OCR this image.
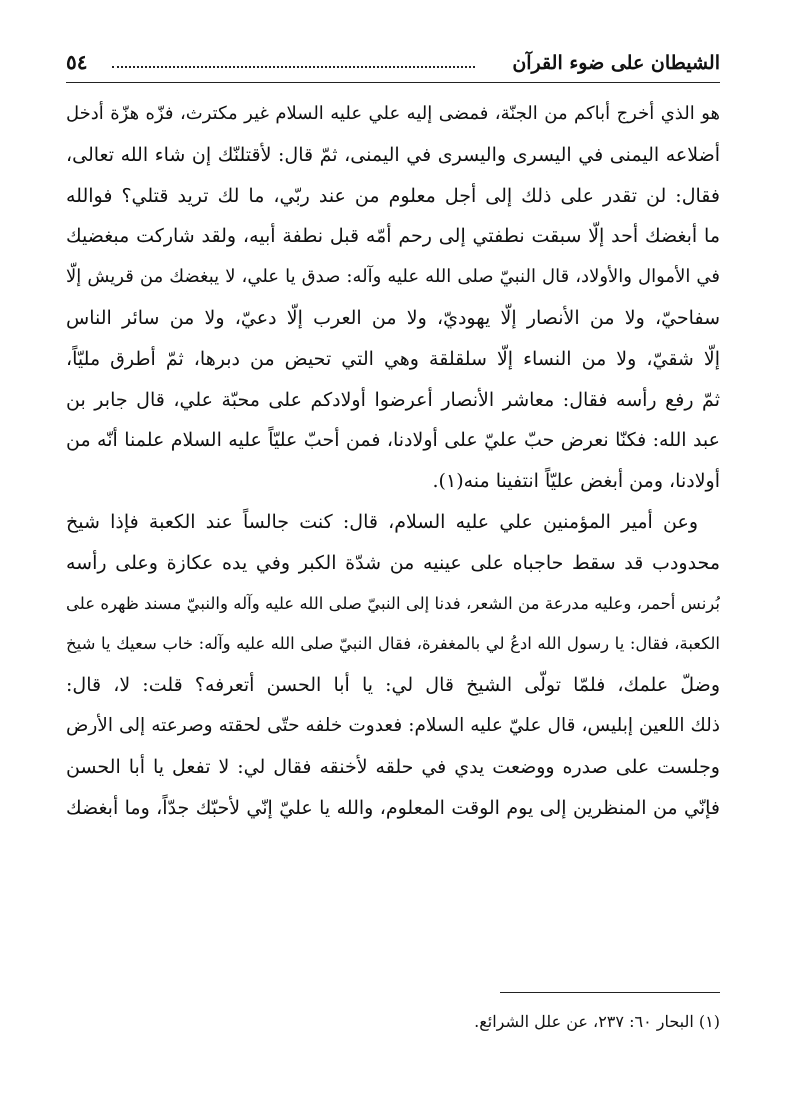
الشيطان على ضوء القرآن
٥٤
هو الذي أخرج أباكم من الجنّة، فمضى إليه علي عليه السلام غير مكترث، فزّه هزّة أدخل
أضلاعه اليمنى في اليسرى واليسرى في اليمنى، ثمّ قال: لأقتلنّك إن شاء الله تعالى،
فقال: لن تقدر على ذلك إلى أجل معلوم من عند ربّي، ما لك تريد قتلي؟ فوالله
ما أبغضك أحد إلّا سبقت نطفتي إلى رحم أمّه قبل نطفة أبيه، ولقد شاركت مبغضيك
في الأموال والأولاد، قال النبيّ صلى الله عليه وآله: صدق يا علي، لا يبغضك من قريش إلّا
سفاحيّ، ولا من الأنصار إلّا يهوديّ، ولا من العرب إلّا دعيّ، ولا من سائر الناس
إلّا شقيّ، ولا من النساء إلّا سلقلقة وهي التي تحيض من دبرها، ثمّ أطرق مليّاً،
ثمّ رفع رأسه فقال: معاشر الأنصار أعرضوا أولادكم على محبّة علي، قال جابر بن
عبد الله: فكنّا نعرض حبّ عليّ على أولادنا، فمن أحبّ عليّاً عليه السلام علمنا أنّه من
أولادنا، ومن أبغض عليّاً انتفينا منه(١).
وعن أمير المؤمنين علي عليه السلام، قال: كنت جالساً عند الكعبة فإذا شيخ
محدودب قد سقط حاجباه على عينيه من شدّة الكبر وفي يده عكازة وعلى رأسه
بُرنس أحمر، وعليه مدرعة من الشعر، فدنا إلى النبيّ صلى الله عليه وآله والنبيّ مسند ظهره على
الكعبة، فقال: يا رسول الله ادعُ لي بالمغفرة، فقال النبيّ صلى الله عليه وآله: خاب سعيك يا شيخ
وضلّ علمك، فلمّا تولّى الشيخ قال لي: يا أبا الحسن أتعرفه؟ قلت: لا، قال:
ذلك اللعين إبليس، قال عليّ عليه السلام: فعدوت خلفه حتّى لحقته وصرعته إلى الأرض
وجلست على صدره ووضعت يدي في حلقه لأخنقه فقال لي: لا تفعل يا أبا الحسن
فإنّي من المنظرين إلى يوم الوقت المعلوم، والله يا عليّ إنّي لأحبّك جدّاً، وما أبغضك
(١) البحار ٦٠: ٢٣٧، عن علل الشرائع.
